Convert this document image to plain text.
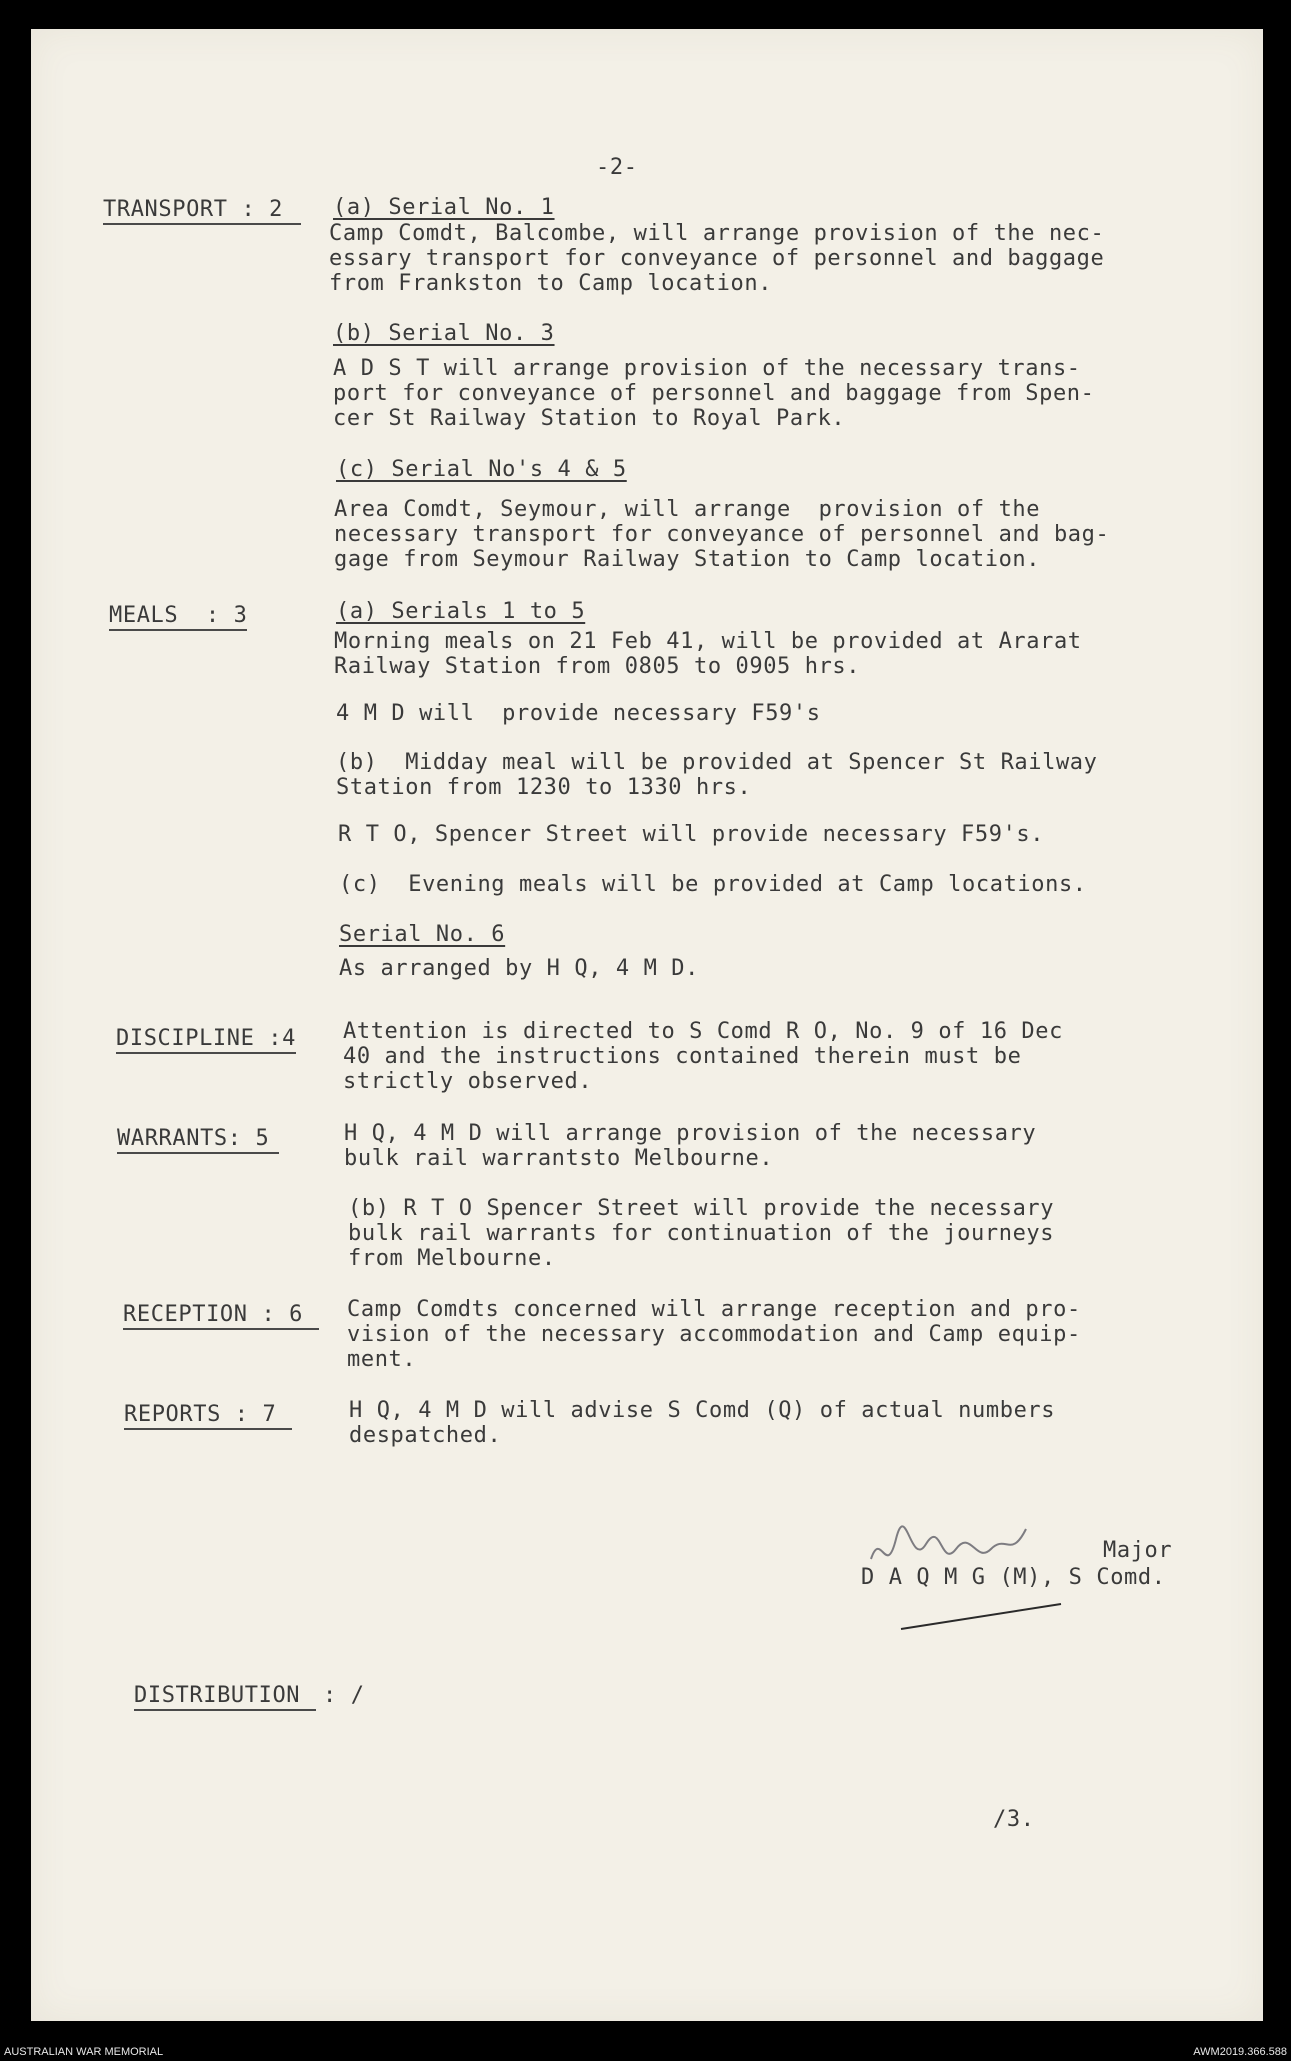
-2-
TRANSPORT : 2 (a) Serial No. 1
Camp Comdt, Balcombe, will arrange provision of the nec-
essary transport for conveyance of personnel and baggage
from Frankston to Camp location.
(b) Serial No. 3
A D S T will arrange provision of the necessary trans-
port for conveyance of personnel and baggage from Spen-
cer St Railway Station to Royal Park.
(c) Serial No's 4 & 5
Area Comdt, Seymour, will arrange  provision of the
necessary transport for conveyance of personnel and bag-
gage from Seymour Railway Station to Camp location.
MEALS  : 3	(a) Serials 1 to 5
Morning meals on 21 Feb 41, will be provided at Ararat
Railway Station from 0805 to 0905 hrs.
4 M D will  provide necessary F59's
(b)  Midday meal will be provided at Spencer St Railway
Station from 1230 to 1330 hrs.
R T O, Spencer Street will provide necessary F59's.
(c)  Evening meals will be provided at Camp locations.
Serial No. 6
As arranged by H Q, 4 M D.
DISCIPLINE :4 Attention is directed to S Comd R O, No. 9 of 16 Dec
40 and the instructions contained therein must be
strictly observed.
WARRANTS: 5	H Q, 4 M D will arrange provision of the necessary
bulk rail warrantsto Melbourne.
(b) R T O Spencer Street will provide the necessary
bulk rail warrants for continuation of the journeys
from Melbourne.
RECEPTION : 6 Camp Comdts concerned will arrange reception and pro-
vision of the necessary accommodation and Camp equip-
ment.
REPORTS : 7	H Q, 4 M D will advise S Comd (Q) of actual numbers
despatched.
Major
D A Q M G (M), S Comd.
DISTRIBUTION : /
/3.
AUSTRALIAN WAR MEMORIAL	AWM2019.366.588
